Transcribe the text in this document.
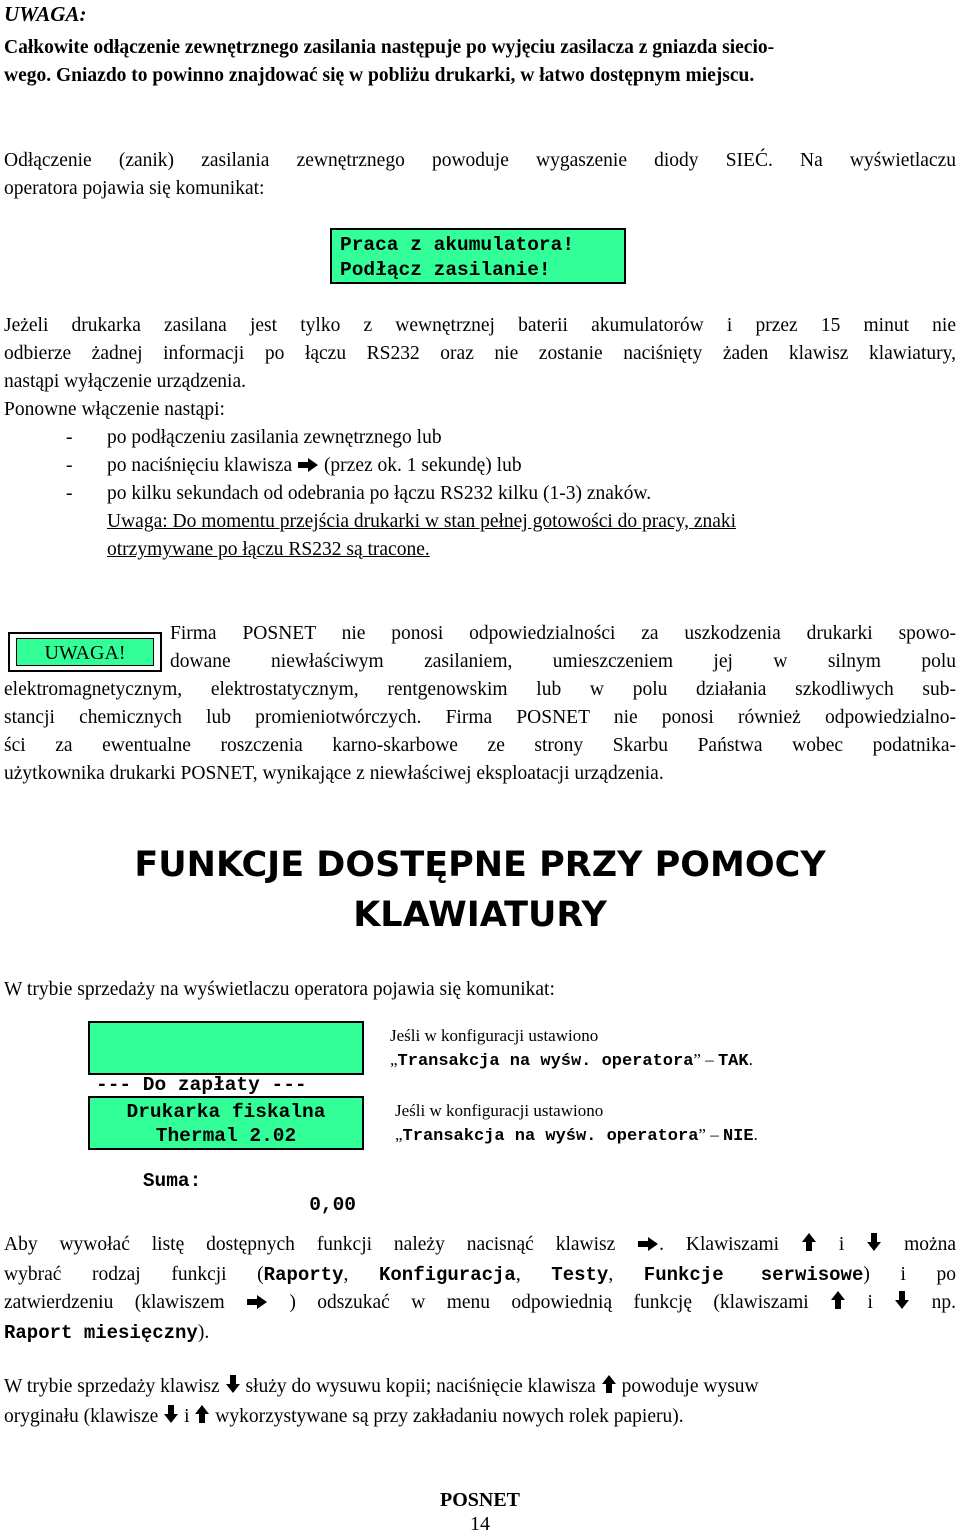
UWAGA:
Całkowite odłączenie zewnętrznego zasilania następuje po wyjęciu zasilacza z gniazda siecio-
wego. Gniazdo to powinno znajdować się w pobliżu drukarki, w łatwo dostępnym miejscu.
Odłączenie (zanik) zasilania zewnętrznego powoduje wygaszenie diody SIEĆ. Na wyświetlaczu
operatora pojawia się komunikat:
Praca z akumulatora!
Podłącz zasilanie!
Jeżeli drukarka zasilana jest tylko z wewnętrznej baterii akumulatorów i przez 15 minut nie
odbierze żadnej informacji po łączu RS232 oraz nie zostanie naciśnięty żaden klawisz klawiatury,
nastąpi wyłączenie urządzenia.
Ponowne włączenie nastąpi:
- po podłączeniu zasilania zewnętrznego lub
- po naciśnięciu klawisza (przez ok. 1 sekundę) lub
- po kilku sekundach od odebrania po łączu RS232 kilku (1-3) znaków.
Uwaga: Do momentu przejścia drukarki w stan pełnej gotowości do pracy, znaki
otrzymywane po łączu RS232 są tracone.
UWAGA!
Firma POSNET nie ponosi odpowiedzialności za uszkodzenia drukarki spowo-
dowane niewłaściwym zasilaniem, umieszczeniem jej w silnym polu
elektromagnetycznym, elektrostatycznym, rentgenowskim lub w polu działania szkodliwych sub-
stancji chemicznych lub promieniotwórczych. Firma POSNET nie ponosi również odpowiedzialno-
ści za ewentualne roszczenia karno-skarbowe ze strony Skarbu Państwa wobec podatnika-
użytkownika drukarki POSNET, wynikające z niewłaściwej eksploatacji urządzenia.
FUNKCJE DOSTĘPNE PRZY POMOCY
KLAWIATURY
W trybie sprzedaży na wyświetlaczu operatora pojawia się komunikat:

--- Do zapłaty ---

Suma:

0,00

Jeśli w konfiguracji ustawiono
„Transakcja na wyśw. operatora” – TAK.
Drukarka fiskalna
Thermal 2.02
Jeśli w konfiguracji ustawiono
„Transakcja na wyśw. operatora” – NIE.
Aby wywołać listę dostępnych funkcji należy nacisnąć klawisz . Klawiszami	i	można
wybrać rodzaj funkcji (Raporty, Konfiguracja, Testy, Funkcje serwisowe) i po
zatwierdzeniu (klawiszem	) odszukać w menu odpowiednią funkcję (klawiszami	i	np.
Raport miesięczny).
W trybie sprzedaży klawisz służy do wysuwu kopii; naciśnięcie klawisza powoduje wysuw
oryginału (klawisze i wykorzystywane są przy zakładaniu nowych rolek papieru).
POSNET
14
